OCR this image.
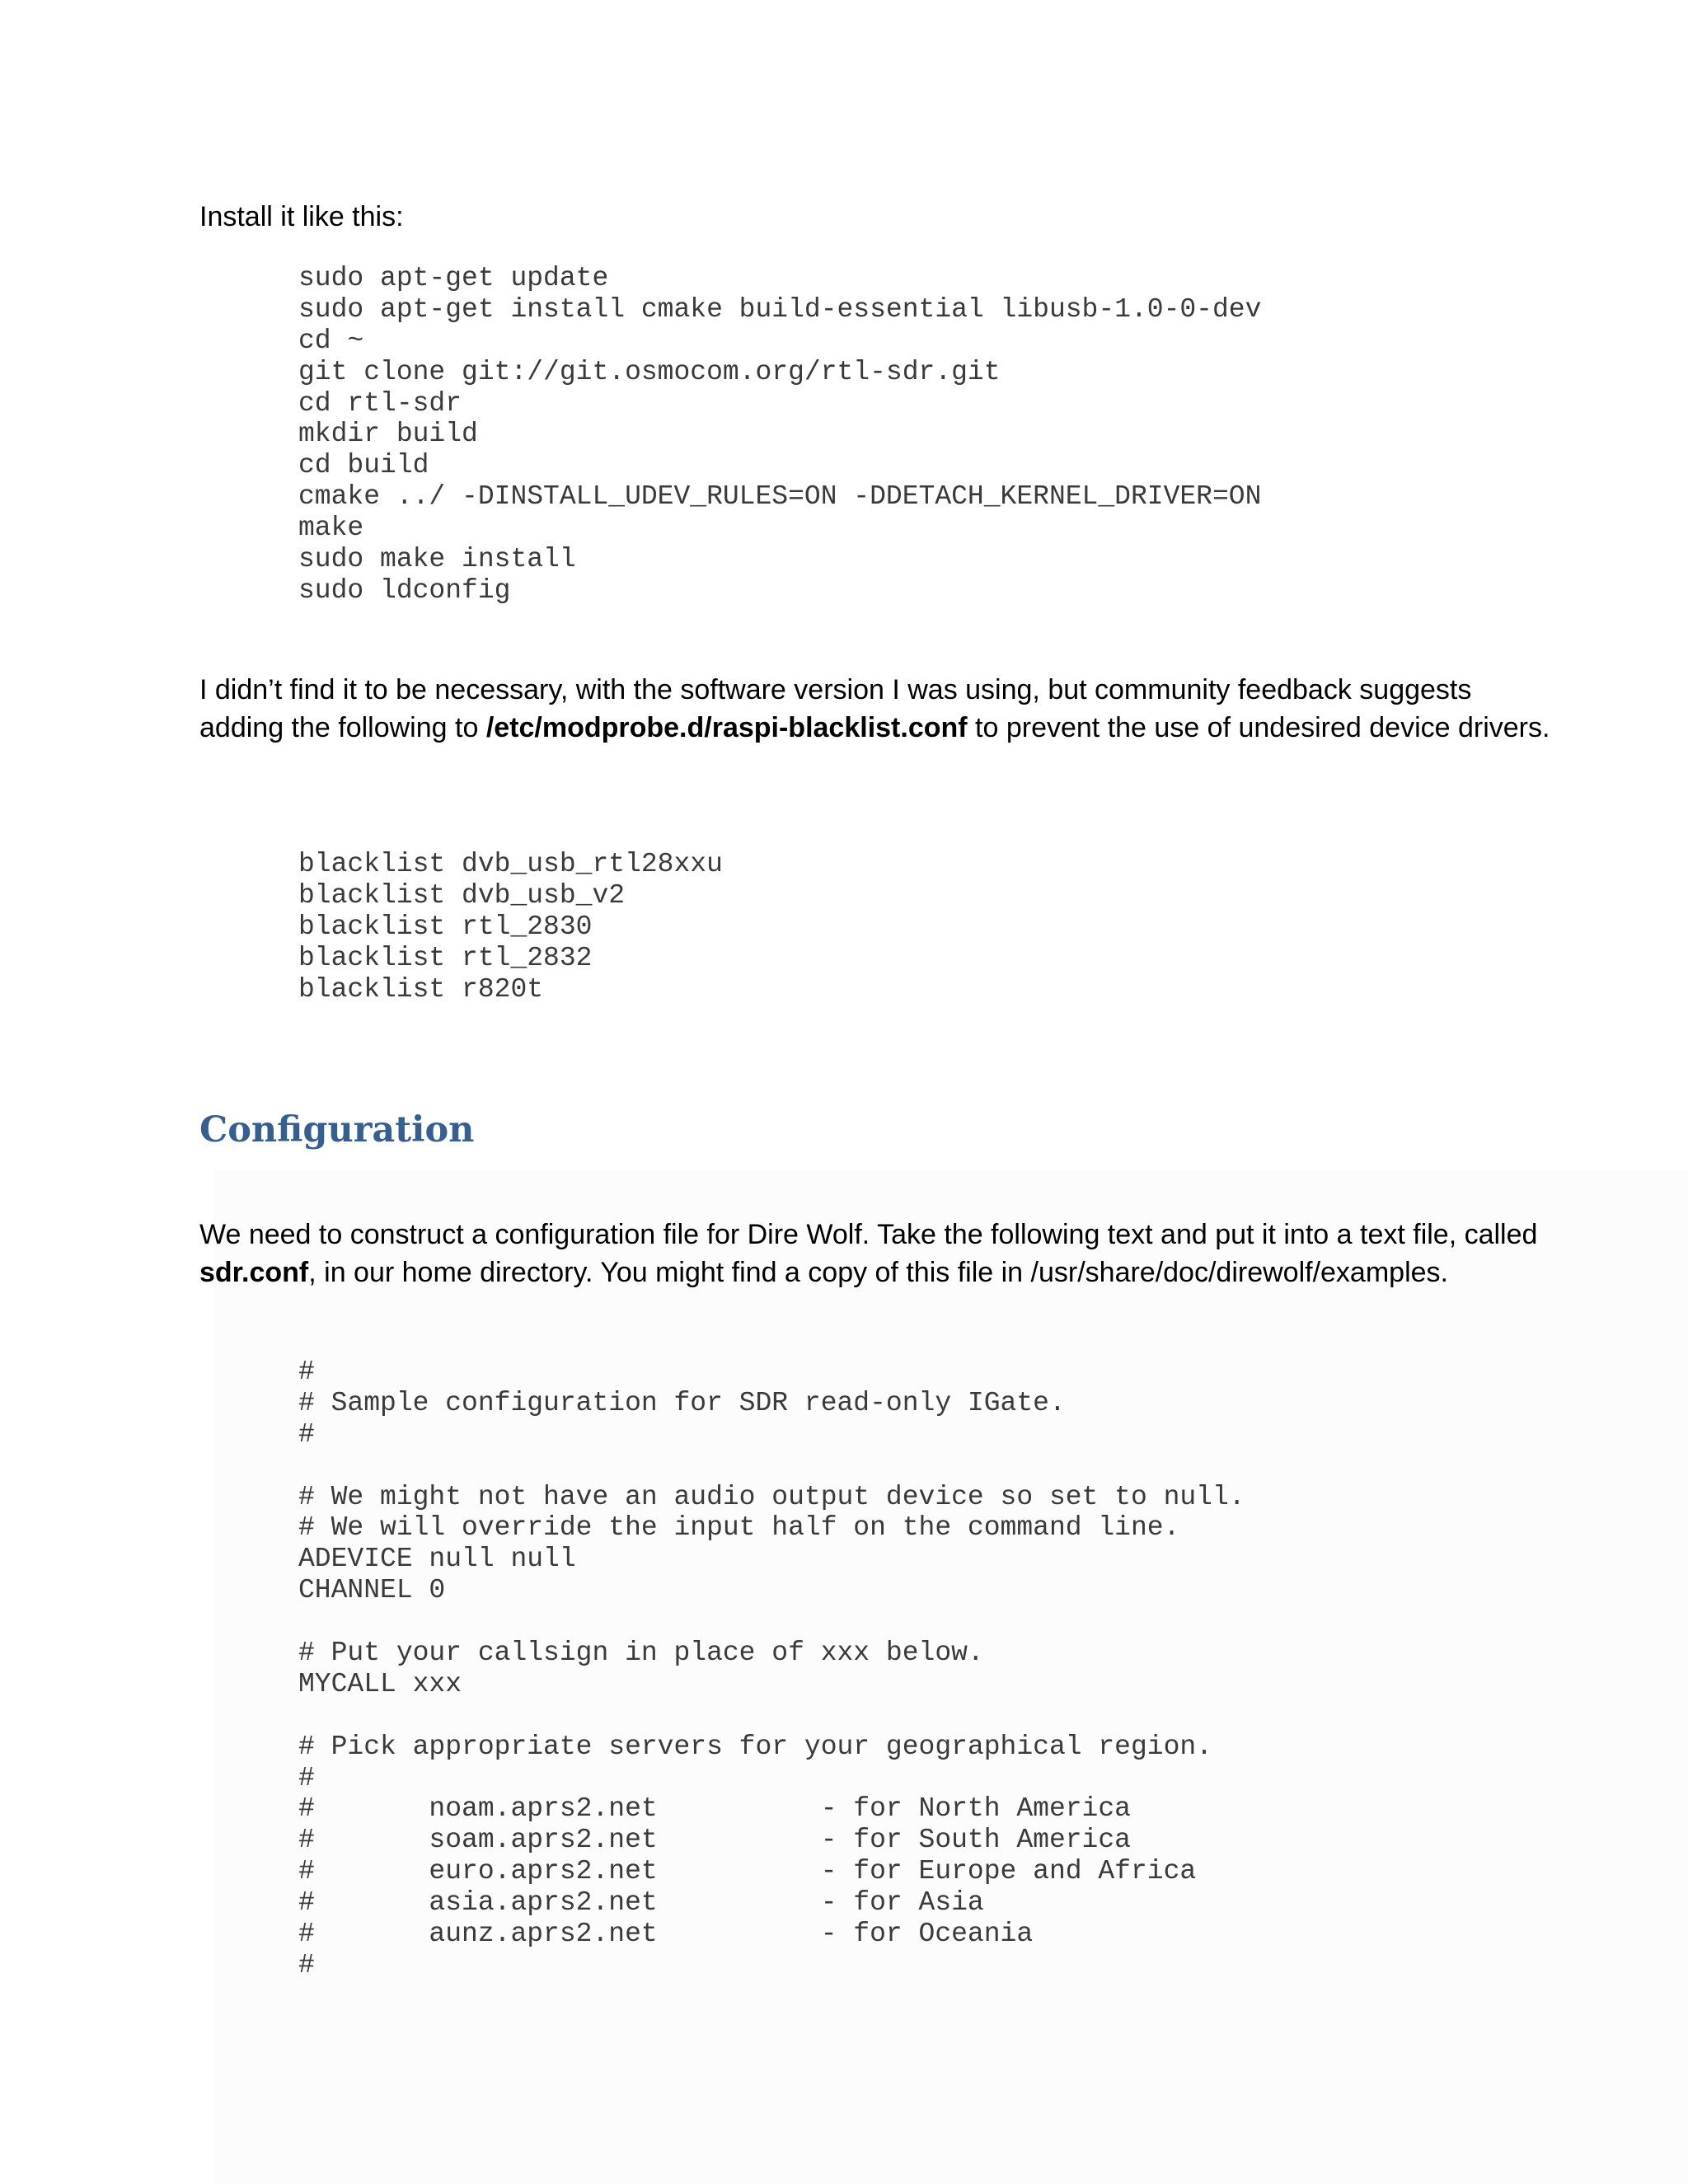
Install it like this:

sudo apt-get update
sudo apt-get install cmake build-essential libusb-1.0-0-dev
cd ~
git clone git://git.osmocom.org/rtl-sdr.git
cd rtl-sdr
mkdir build
cd build
cmake ../ -DINSTALL_UDEV_RULES=ON -DDETACH_KERNEL_DRIVER=ON
make
sudo make install
sudo ldconfig

I didn’t find it to be necessary, with the software version I was using, but community feedback suggests adding the following to /etc/modprobe.d/raspi-blacklist.conf to prevent the use of undesired device drivers.

blacklist dvb_usb_rtl28xxu
blacklist dvb_usb_v2
blacklist rtl_2830
blacklist rtl_2832
blacklist r820t
Configuration

We need to construct a configuration file for Dire Wolf. Take the following text and put it into a text file, called sdr.conf, in our home directory. You might find a copy of this file in /usr/share/doc/direwolf/examples.

#
# Sample configuration for SDR read-only IGate.
#
# We might not have an audio output device so set to null.
# We will override the input half on the command line.
ADEVICE null null
CHANNEL 0
# Put your callsign in place of xxx below.
MYCALL xxx
# Pick appropriate servers for your geographical region.
#
#       noam.aprs2.net          - for North America
#       soam.aprs2.net          - for South America
#       euro.aprs2.net          - for Europe and Africa
#       asia.aprs2.net          - for Asia
#       aunz.aprs2.net          - for Oceania
#
